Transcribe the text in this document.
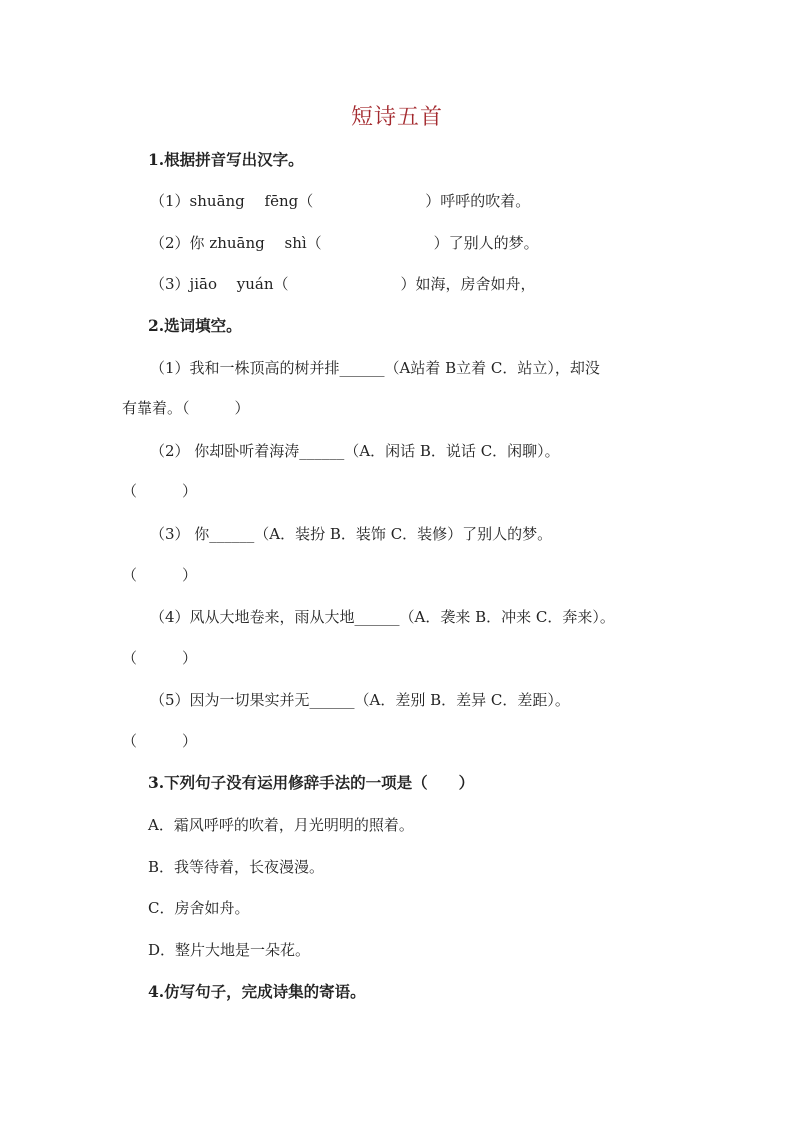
短诗五首
1.根据拼音写出汉字。
（1）shuāng　 fēng（	）呼呼的吹着。
（2）你 zhuāng　 shì（	）了别人的梦。
（3）jiāo　 yuán（	）如海，房舍如舟，
2.选词填空。
（1）我和一株顶高的树并排______（A站着 B立着 C．站立），却没
有靠着。（　　　）
（2） 你却卧听着海涛______（A．闲话 B．说话 C．闲聊）。
（　　　）
（3） 你______（A．装扮 B．装饰 C．装修）了别人的梦。
（　　　）
（4）风从大地卷来，雨从大地______（A．袭来 B．冲来 C．奔来）。
（　　　）
（5）因为一切果实并无______（A．差别 B．差异 C．差距）。
（　　　）
3.下列句子没有运用修辞手法的一项是（　　）
A．霜风呼呼的吹着，月光明明的照着。
B．我等待着，长夜漫漫。
C．房舍如舟。
D．整片大地是一朵花。
4.仿写句子，完成诗集的寄语。
